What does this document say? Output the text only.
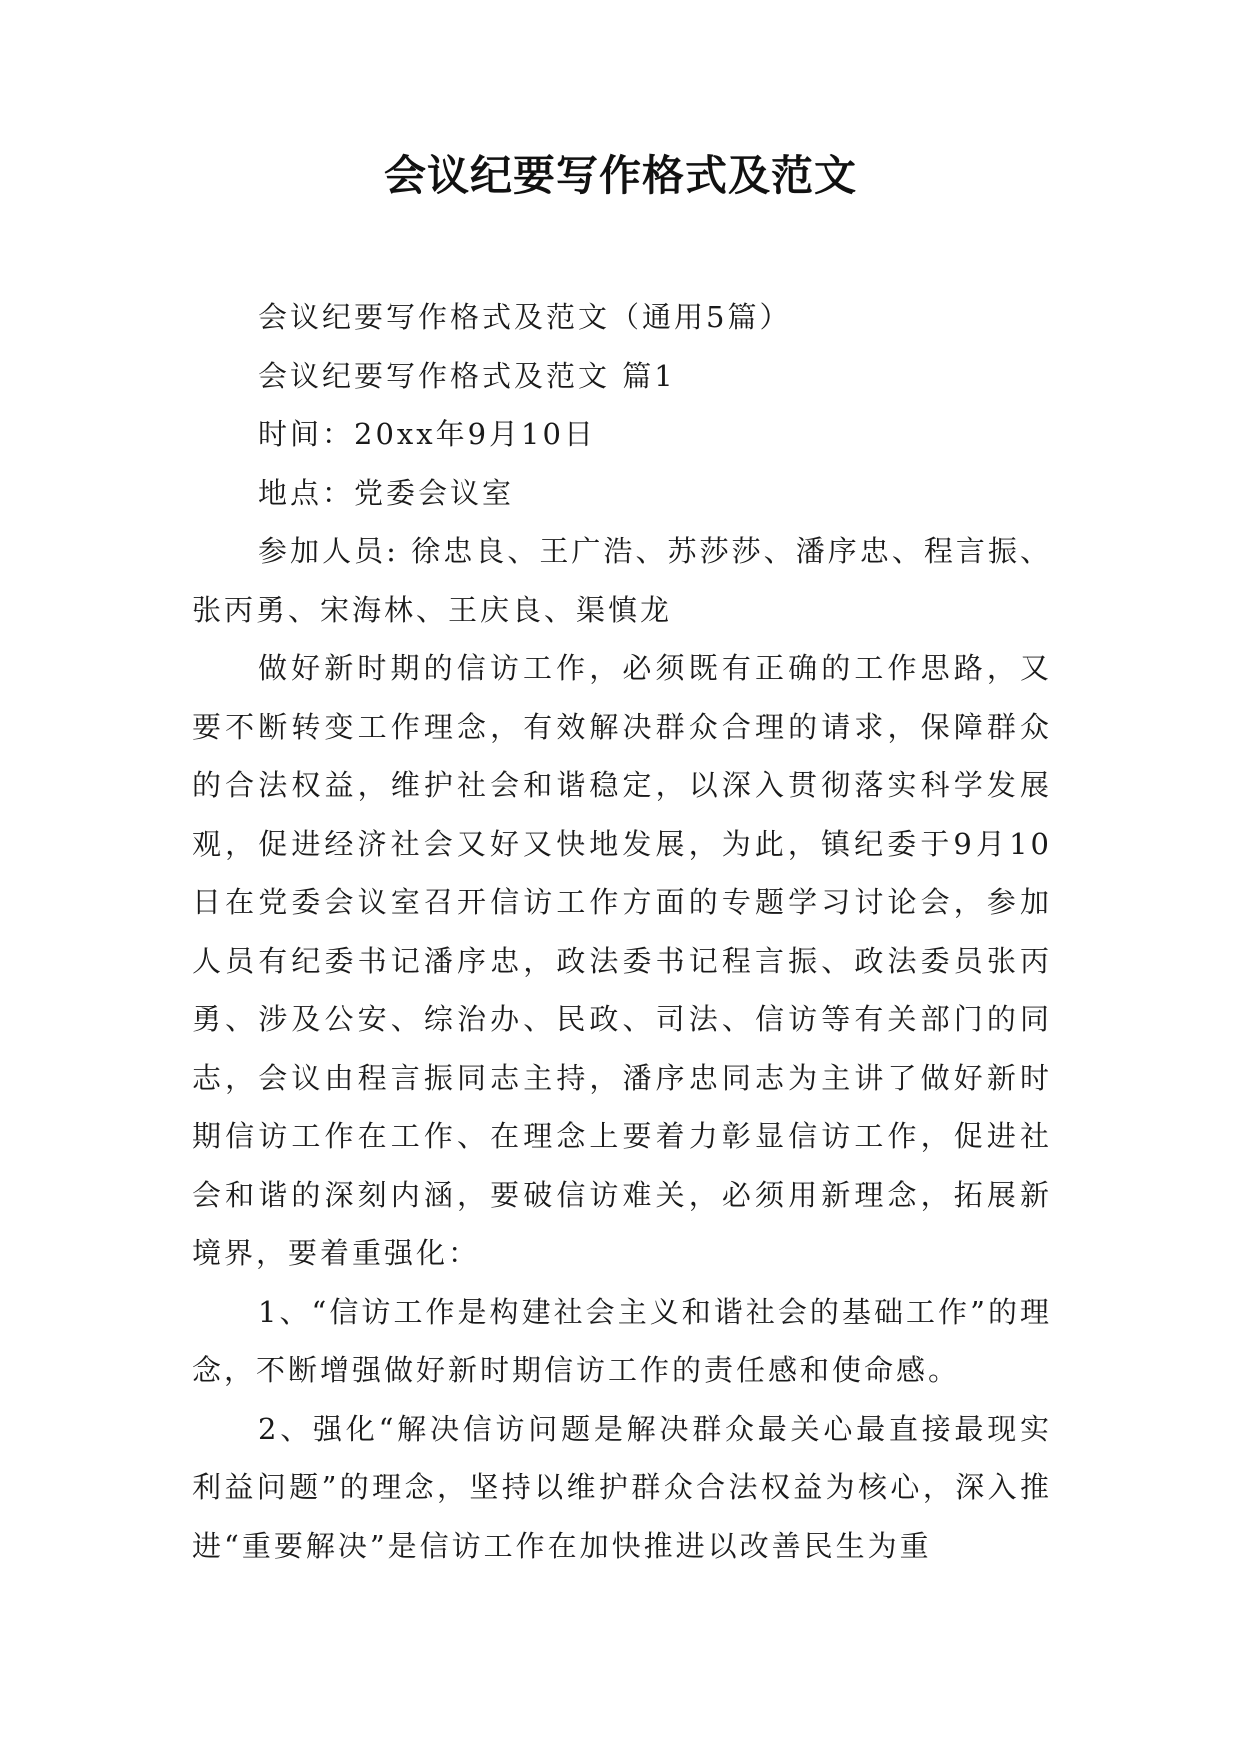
会议纪要写作格式及范文

会议纪要写作格式及范文（通用5篇）

会议纪要写作格式及范文 篇1

时间：20xx年9月10日

地点：党委会议室

参加人员: 徐忠良、王广浩、苏莎莎、潘序忠、程言振、张丙勇、宋海林、王庆良、渠慎龙

做好新时期的信访工作，必须既有正确的工作思路，又要不断转变工作理念，有效解决群众合理的请求，保障群众的合法权益，维护社会和谐稳定，以深入贯彻落实科学发展观，促进经济社会又好又快地发展，为此，镇纪委于9月10日在党委会议室召开信访工作方面的专题学习讨论会，参加人员有纪委书记潘序忠，政法委书记程言振、政法委员张丙勇、涉及公安、综治办、民政、司法、信访等有关部门的同志，会议由程言振同志主持，潘序忠同志为主讲了做好新时期信访工作在工作、在理念上要着力彰显信访工作，促进社会和谐的深刻内涵，要破信访难关，必须用新理念，拓展新境界，要着重强化：

1、“信访工作是构建社会主义和谐社会的基础工作”的理念，不断增强做好新时期信访工作的责任感和使命感。

2、强化“解决信访问题是解决群众最关心最直接最现实利益问题”的理念，坚持以维护群众合法权益为核心，深入推进“重要解决”是信访工作在加快推进以改善民生为重
